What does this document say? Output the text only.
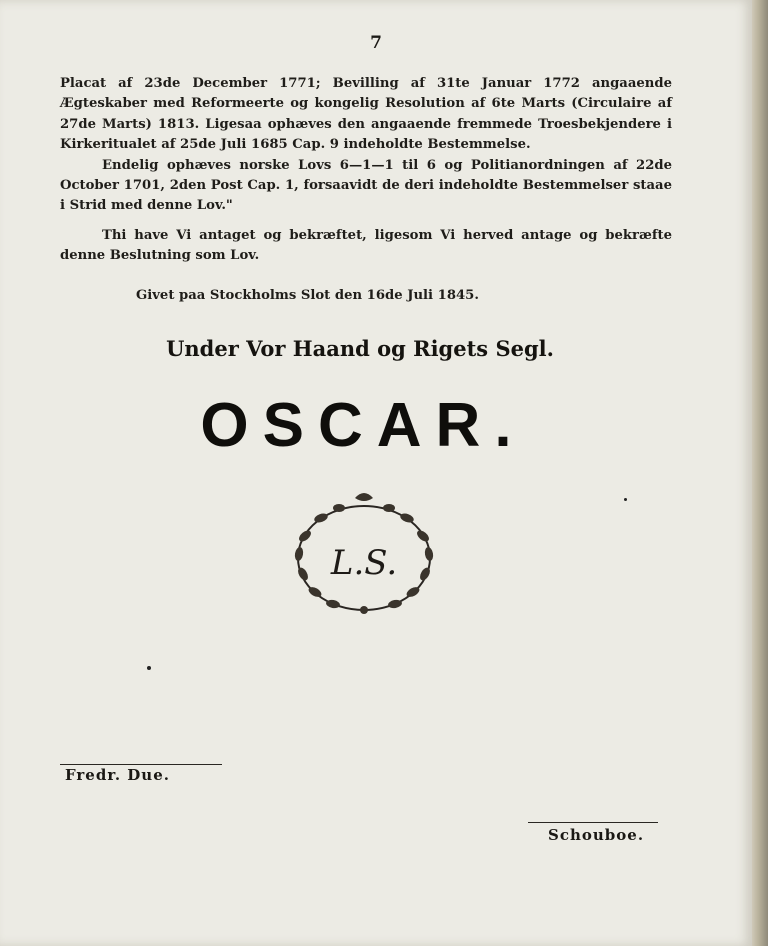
7

Placat af 23de December 1771; Bevilling af 31te Januar 1772 angaaende Ægteskaber med Reformeerte og kongelig Resolution af 6te Marts (Circulaire af 27de Marts) 1813. Ligesaa ophæves den angaaende fremmede Troesbekjendere i Kirkeritualet af 25de Juli 1685 Cap. 9 indeholdte Bestemmelse.

Endelig ophæves norske Lovs 6—1—1 til 6 og Politianordningen af 22de October 1701, 2den Post Cap. 1, forsaavidt de deri indeholdte Bestemmelser staae i Strid med denne Lov."

Thi have Vi antaget og bekræftet, ligesom Vi herved antage og bekræfte denne Beslutning som Lov.

Givet paa Stockholms Slot den 16de Juli 1845.
Under Vor Haand og Rigets Segl.
OSCAR.
L.S.
Fredr. Due.
Schouboe.
